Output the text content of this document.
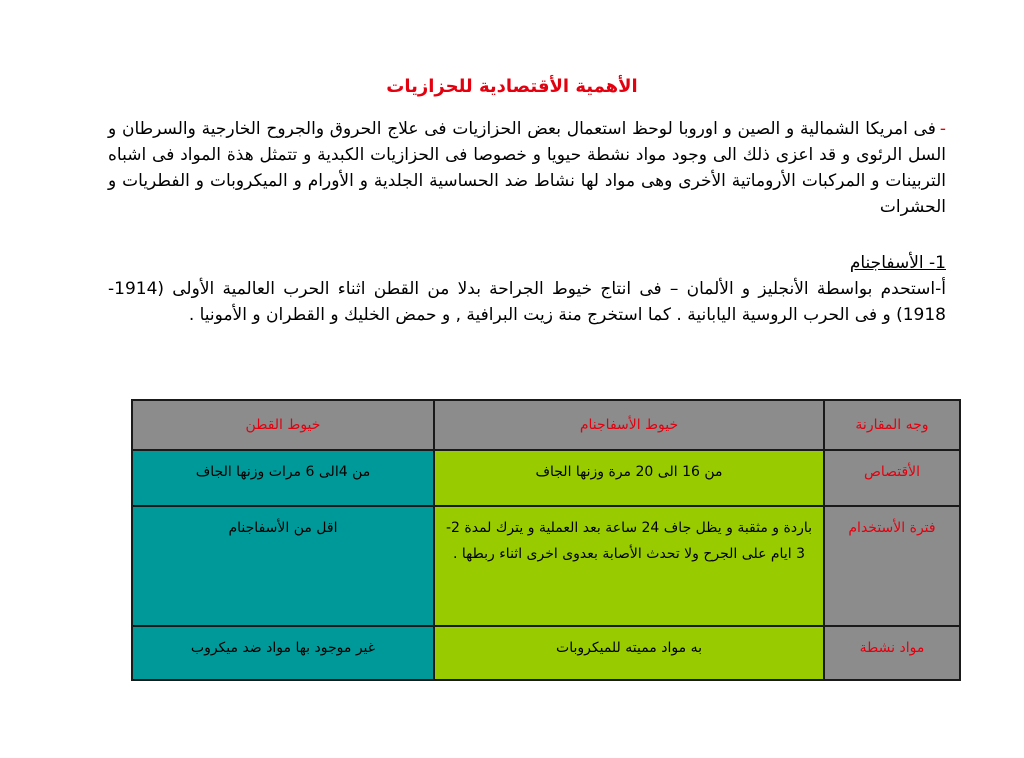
الأهمية الأقتصادية للحزازيات
-فى امريكا الشمالية و الصين و اوروبا لوحظ استعمال بعض الحزازيات فى علاج الحروق والجروح الخارجية والسرطان و السل الرئوى و قد اعزى ذلك الى وجود مواد نشطة حيويا و خصوصا فى الحزازيات الكبدية و تتمثل هذة المواد فى اشباه التربينات و المركبات الأروماتية الأخرى وهى مواد لها نشاط ضد الحساسية الجلدية و الأورام و الميكروبات و الفطريات و الحشرات
1- الأسفاجنام
أ-استحدم بواسطة الأنجليز و الألمان – فى انتاج خيوط الجراحة بدلا من القطن اثناء الحرب العالمية الأولى (1914-1918) و فى الحرب الروسية اليابانية . كما استخرج منة زيت البرافية , و حمض الخليك و القطران و الأمونيا .
وجه المقارنة	خيوط الأسفاجنام	خيوط القطن
الأقتصاص	من 16 الى 20 مرة وزنها الجاف	من 4الى 6 مرات وزنها الجاف
فترة الأستخدام	باردة و مثقبة و يظل جاف 24 ساعة بعد العملية و يترك لمدة 2-3 ايام على الجرح ولا تحدث الأصابة بعدوى اخرى اثناء ربطها .	اقل من الأسفاجنام
مواد نشطة	به مواد مميته للميكروبات	غير موجود بها مواد ضد ميكروب
